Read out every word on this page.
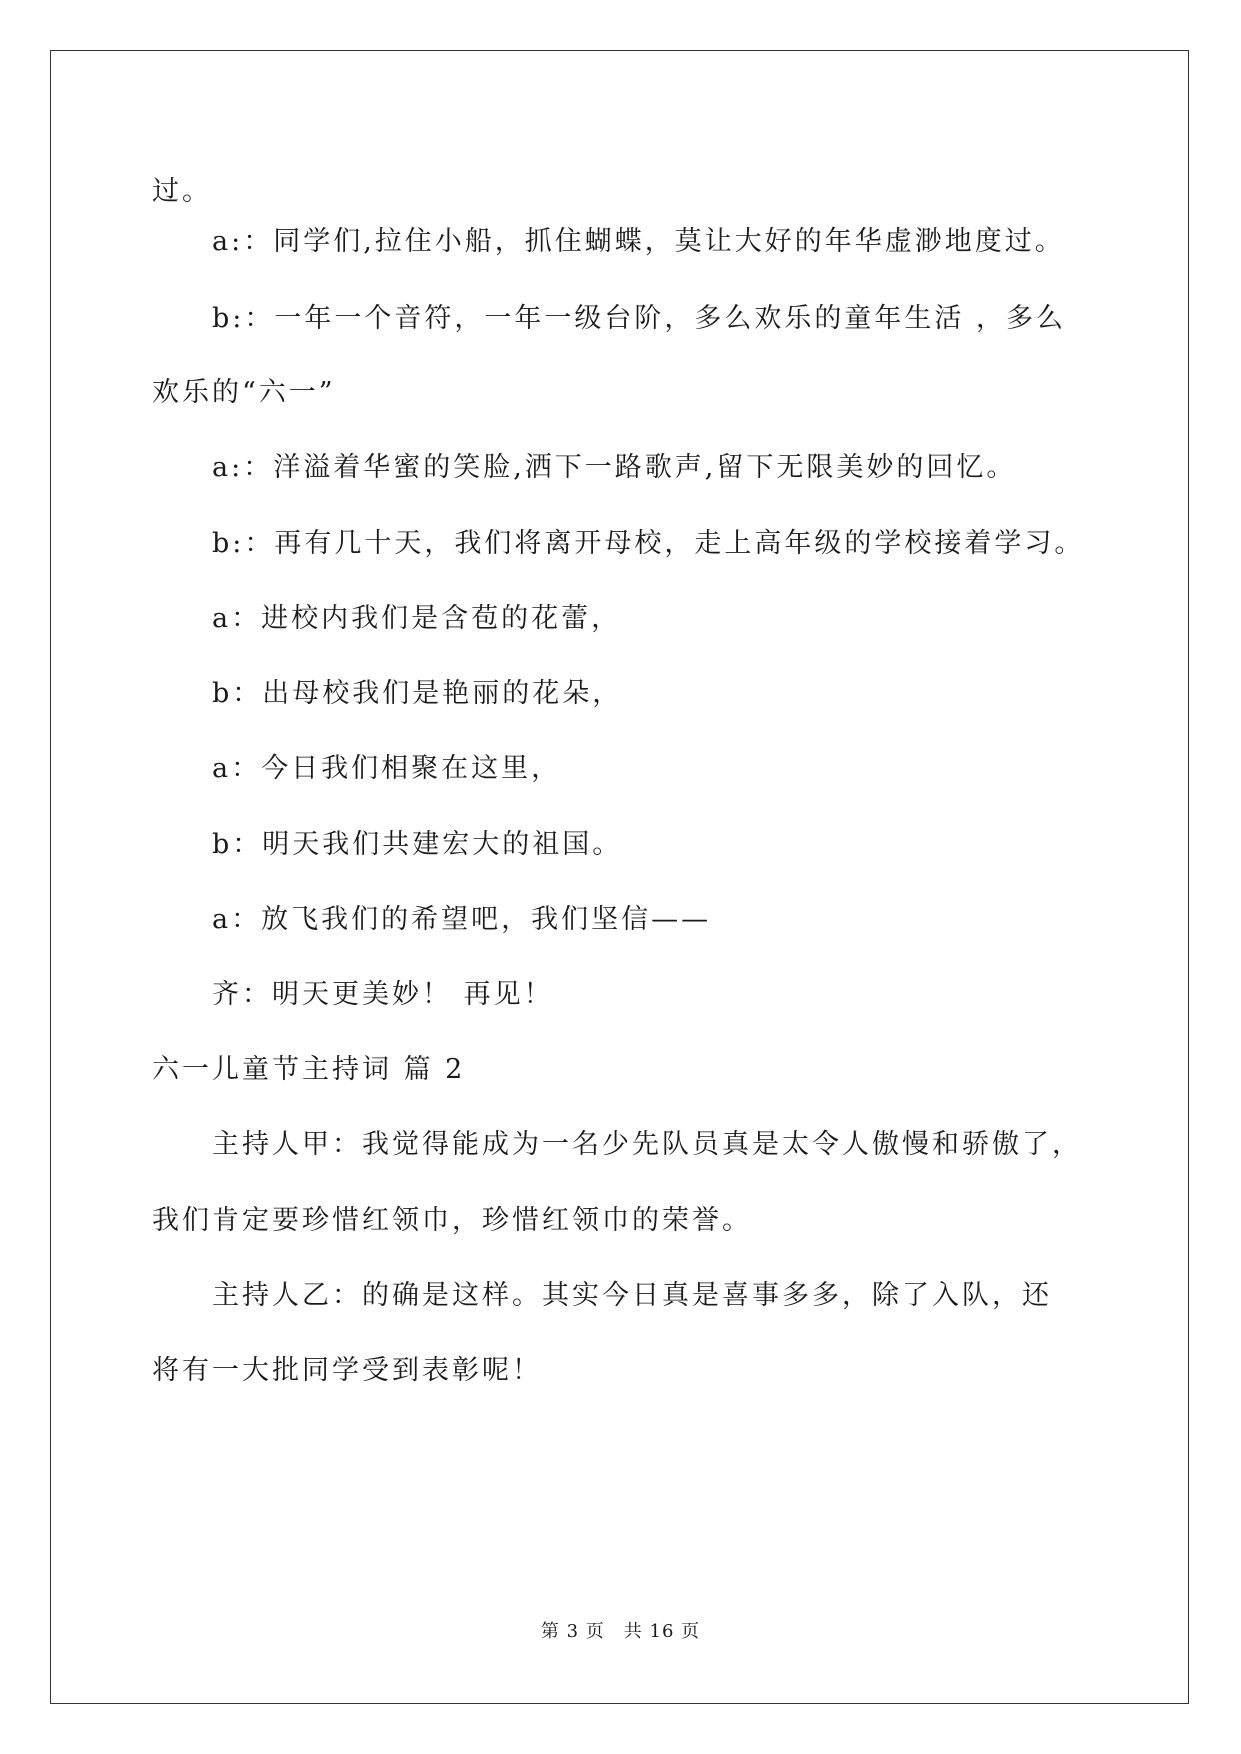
过。
a:：同学们,拉住小船，抓住蝴蝶，莫让大好的年华虚渺地度过。
b:：一年一个音符，一年一级台阶，多么欢乐的童年生活 ，多么
欢乐的“六一”
a:：洋溢着华蜜的笑脸,洒下一路歌声,留下无限美妙的回忆。
b:：再有几十天，我们将离开母校，走上高年级的学校接着学习。
a：进校内我们是含苞的花蕾，
b：出母校我们是艳丽的花朵，
a：今日我们相聚在这里，
b：明天我们共建宏大的祖国。
a：放飞我们的希望吧，我们坚信——
齐：明天更美妙！ 再见！
六一儿童节主持词 篇 2
主持人甲：我觉得能成为一名少先队员真是太令人傲慢和骄傲了，
我们肯定要珍惜红领巾，珍惜红领巾的荣誉。
主持人乙：的确是这样。其实今日真是喜事多多，除了入队，还
将有一大批同学受到表彰呢！
第 3 页　共 16 页
